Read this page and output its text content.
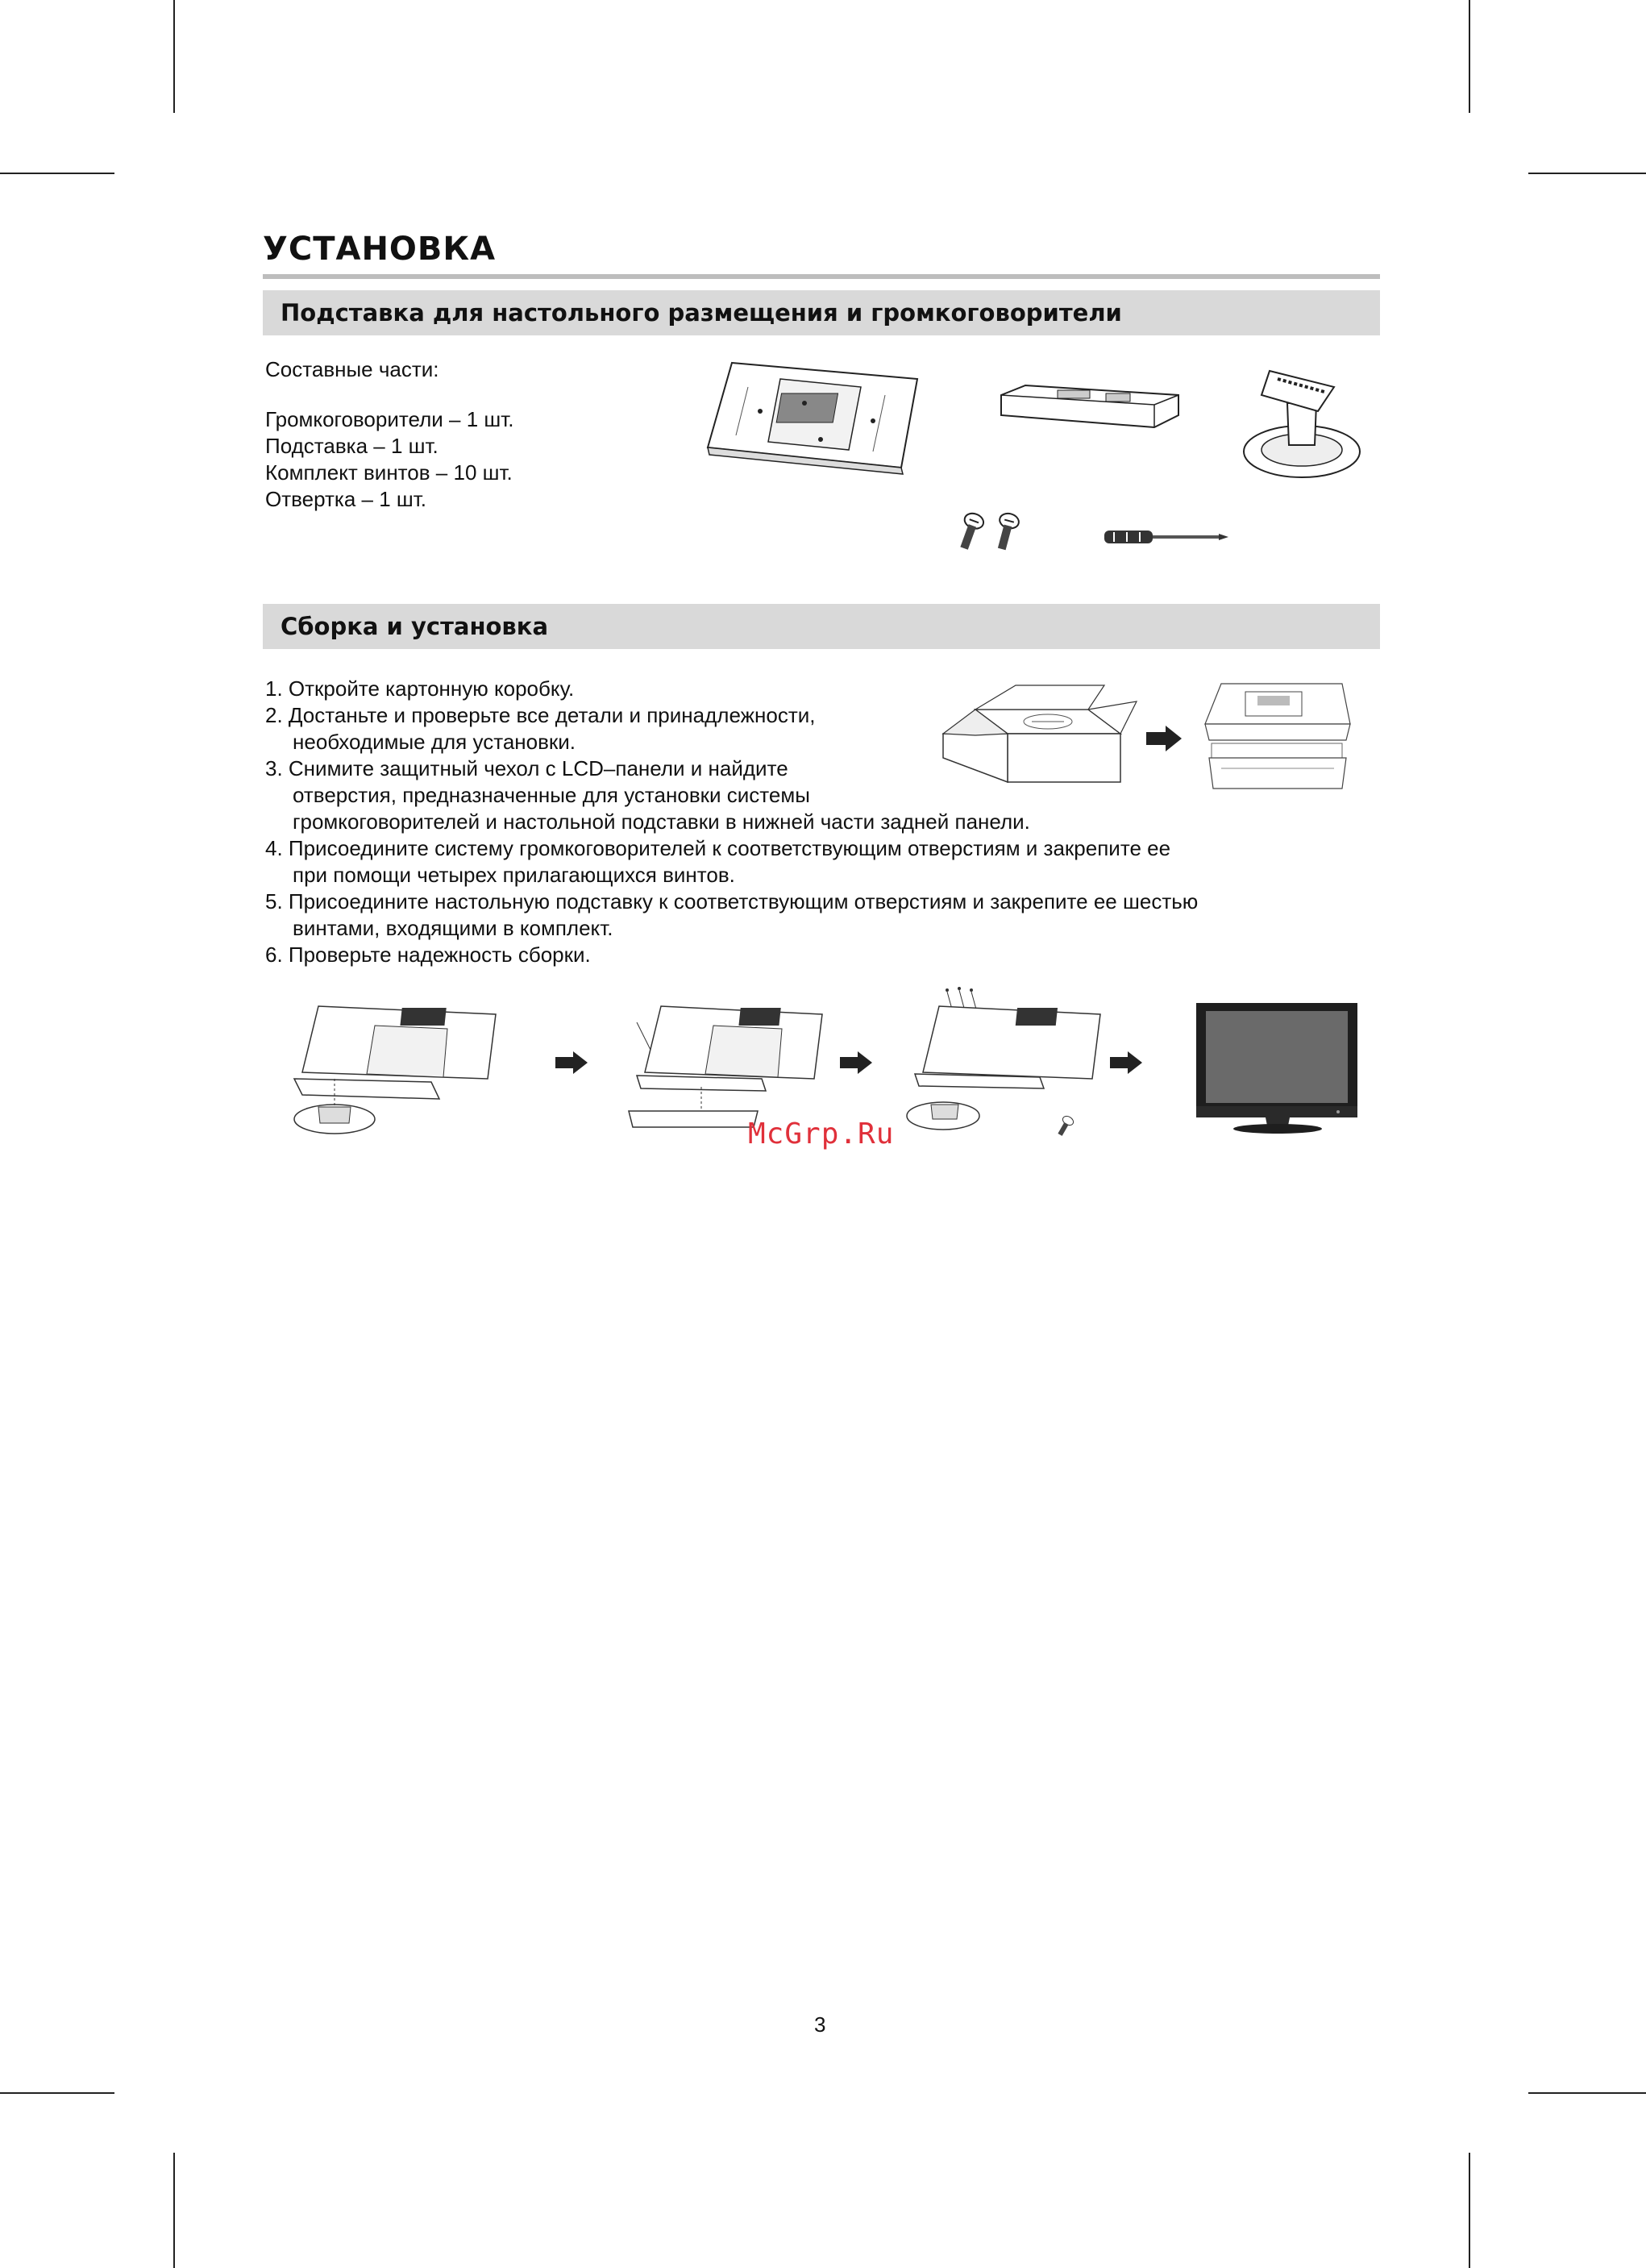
УСТАНОВКА
Подставка для настольного размещения и громкоговорители
Составные части:
Громкоговорители – 1 шт.
Подставка – 1 шт.
Комплект винтов – 10 шт.
Отвертка – 1 шт.
Сборка и установка
1. Откройте картонную коробку.
2. Достаньте и проверьте все детали и принадлежности,
необходимые для установки.
3. Снимите защитный чехол с LCD–панели и найдите
отверстия, предназначенные для установки системы
громкоговорителей и настольной подставки в нижней части задней панели.
4. Присоедините систему громкоговорителей к соответствующим отверстиям и закрепите ее
при помощи четырех прилагающихся винтов.
5. Присоедините настольную подставку к соответствующим отверстиям и закрепите ее шестью
винтами, входящими в комплект.
6. Проверьте надежность сборки.
McGrp.Ru
3
